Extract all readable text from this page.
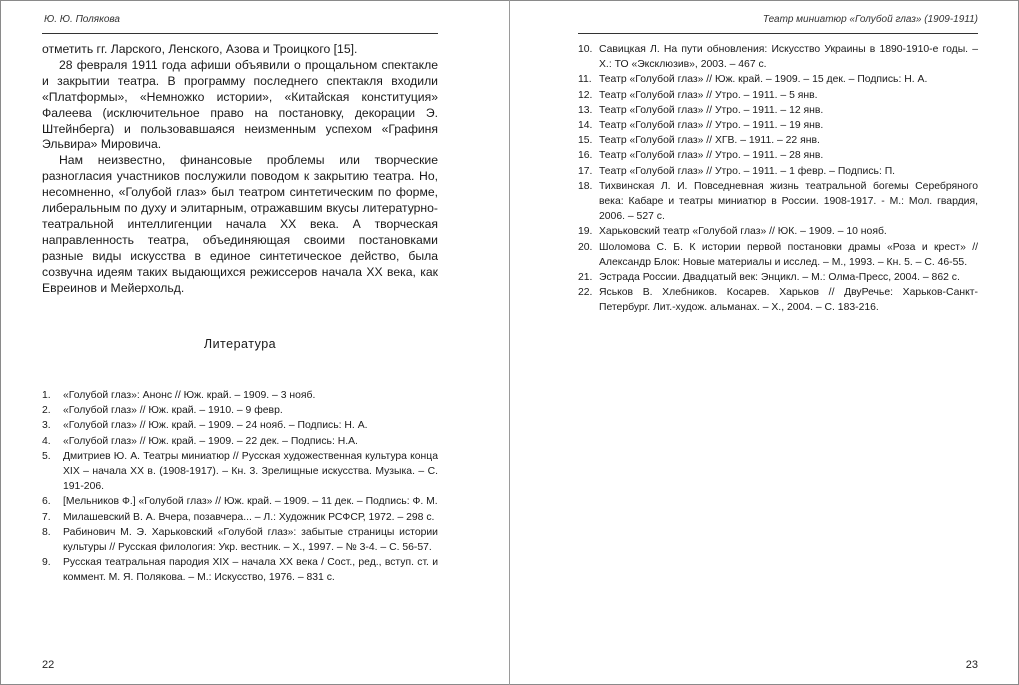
Ю. Ю. Полякова

отметить гг. Ларского, Ленского, Азова и Троицкого [15].

28 февраля 1911 года афиши объявили о прощальном спектакле и закрытии театра. В программу последнего спектакля входили «Платформы», «Немножко истории», «Китайская конституция» Фалеева (исключительное право на постановку, декорации Э. Штейнберга) и пользовавшаяся неизменным успехом «Графиня Эльвира» Мировича.

Нам неизвестно, финансовые проблемы или творческие разногласия участников послужили поводом к закрытию театра. Но, несомненно, «Голубой глаз» был театром синтетическим по форме, либеральным по духу и элитарным, отражавшим вкусы литературно-театральной интеллигенции начала XX века. А творческая направленность театра, объединяющая своими постановками разные виды искусства в единое синтетическое действо, была созвучна идеям таких выдающихся режиссеров начала XX века, как Евреинов и Мейерхольд.

Литература
1. «Голубой глаз»: Анонс // Юж. край. – 1909. – 3 нояб.
2. «Голубой глаз» // Юж. край. – 1910. – 9 февр.
3. «Голубой глаз» // Юж. край. – 1909. – 24 нояб. – Подпись: Н. А.
4. «Голубой глаз» // Юж. край. – 1909. – 22 дек. – Подпись: Н.А.
5. Дмитриев Ю. А. Театры миниатюр // Русская художественная культура конца XIX – начала XX в. (1908-1917). – Кн. 3. Зрелищные искусства. Музыка. – С. 191-206.
6. [Мельников Ф.] «Голубой глаз» // Юж. край. – 1909. – 11 дек. – Подпись: Ф. М.
7. Милашевский В. А. Вчера, позавчера... – Л.: Художник РСФСР, 1972. – 298 с.
8. Рабинович М. Э. Харьковский «Голубой глаз»: забытые страницы истории культуры // Русская филология: Укр. вестник. – Х., 1997. – № 3-4. – С. 56-57.
9. Русская театральная пародия XIX – начала XX века / Сост., ред., вступ. ст. и коммент. М. Я. Полякова. – М.: Искусство, 1976. – 831 с.
22
Театр миниатюр «Голубой глаз» (1909-1911)
10. Савицкая Л. На пути обновления: Искусство Украины в 1890-1910-е годы. – Х.: ТО «Эксклюзив», 2003. – 467 с.
11. Театр «Голубой глаз» // Юж. край. – 1909. – 15 дек. – Подпись: Н. А.
12. Театр «Голубой глаз» // Утро. – 1911. – 5 янв.
13. Театр «Голубой глаз» // Утро. – 1911. – 12 янв.
14. Театр «Голубой глаз» // Утро. – 1911. – 19 янв.
15. Театр «Голубой глаз» // ХГВ. – 1911. – 22 янв.
16. Театр «Голубой глаз» // Утро. – 1911. – 28 янв.
17. Театр «Голубой глаз» // Утро. – 1911. – 1 февр. – Подпись: П.
18. Тихвинская Л. И. Повседневная жизнь театральной богемы Серебряного века: Кабаре и театры миниатюр в России. 1908-1917. - М.: Мол. гвардия, 2006. – 527 с.
19. Харьковский театр «Голубой глаз» // ЮК. – 1909. – 10 нояб.
20. Шоломова С. Б. К истории первой постановки драмы «Роза и крест» // Александр Блок: Новые материалы и исслед. – М., 1993. – Кн. 5. – С. 46-55.
21. Эстрада России. Двадцатый век: Энцикл. – М.: Олма-Пресс, 2004. – 862 с.
22. Яськов В. Хлебников. Косарев. Харьков // ДвуРечье: Харьков-Санкт-Петербург. Лит.-худож. альманах. – Х., 2004. – С. 183-216.
23
